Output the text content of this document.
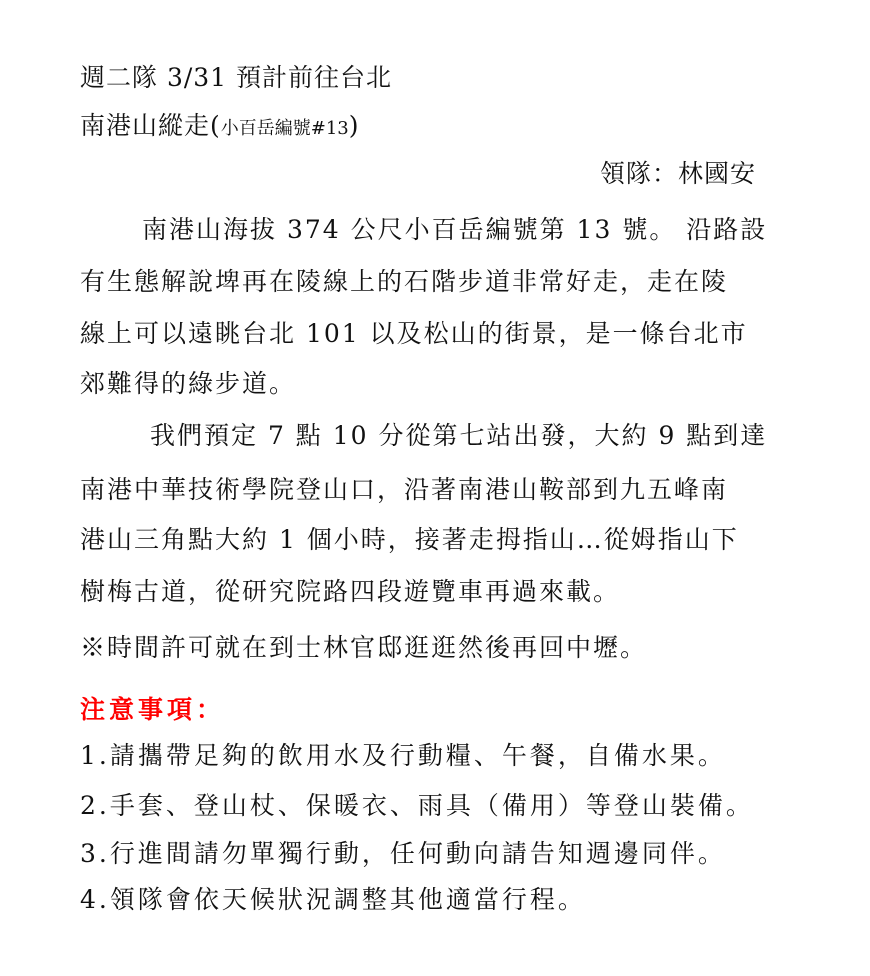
週二隊 3/31 預計前往台北
南港山縱走(小百岳編號#13)
領隊：林國安
南港山海拔 374 公尺小百岳編號第 13 號。 沿路設
有生態解說埤再在陵線上的石階步道非常好走，走在陵
線上可以遠眺台北 101 以及松山的街景，是一條台北市
郊難得的綠步道。
我們預定 7 點 10 分從第七站出發，大約 9 點到達
南港中華技術學院登山口，沿著南港山鞍部到九五峰南
港山三角點大約 1 個小時，接著走拇指山…從姆指山下
樹梅古道，從研究院路四段遊覽車再過來載。
※時間許可就在到士林官邸逛逛然後再回中壢。
注意事項：
1.請攜帶足夠的飲用水及行動糧、午餐，自備水果。
2.手套、登山杖、保暖衣、雨具（備用）等登山裝備。
3.行進間請勿單獨行動，任何動向請告知週邊同伴。
4.領隊會依天候狀況調整其他適當行程。
